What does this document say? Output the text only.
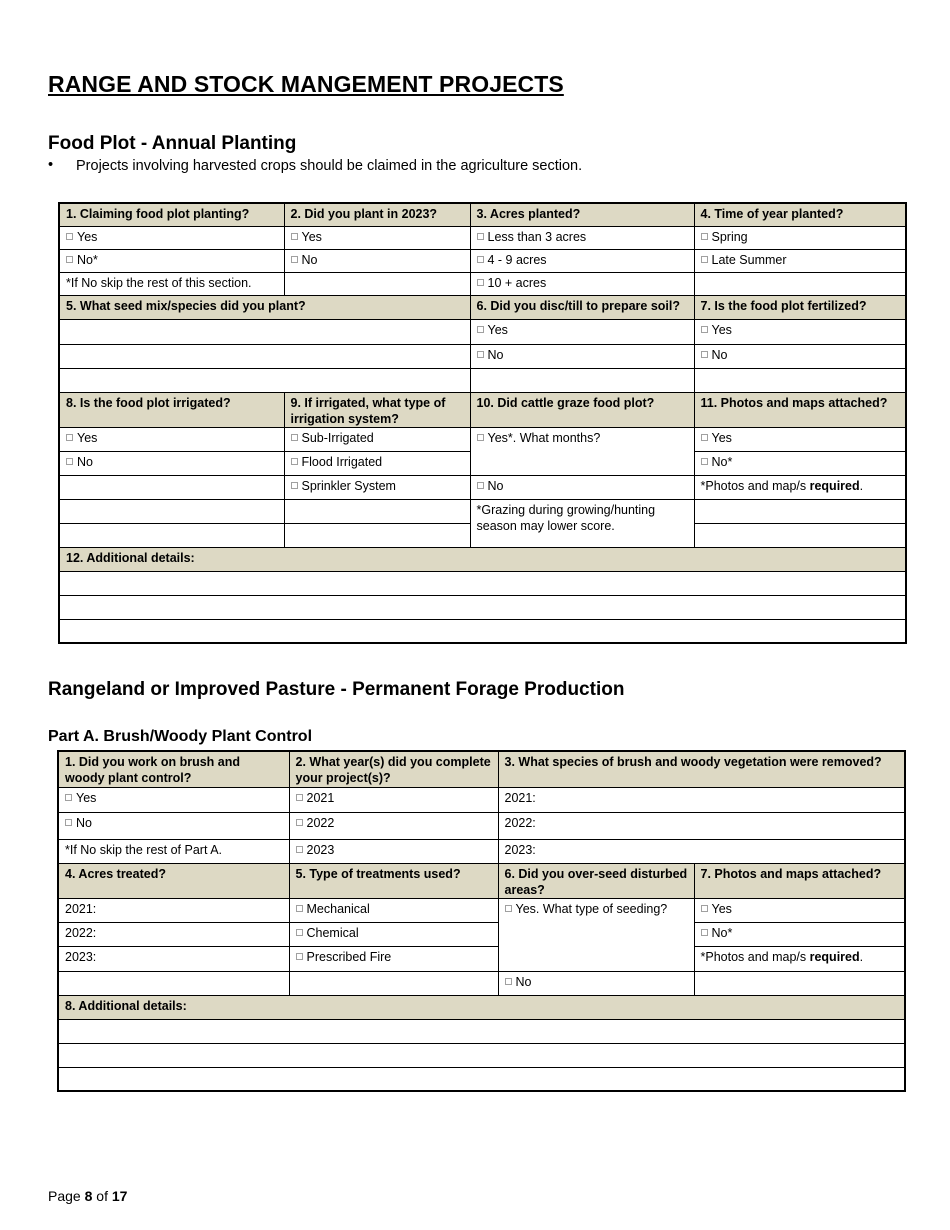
RANGE AND STOCK MANGEMENT PROJECTS
Food Plot - Annual Planting
• Projects involving harvested crops should be claimed in the agriculture section.
1. Claiming food plot planting?	2. Did you plant in 2023?	3. Acres planted?	4. Time of year planted?
Yes	Yes	Less than 3 acres	Spring
No*	No	4 - 9 acres	Late Summer
*If No skip the rest of this section.		10 + acres	
5. What seed mix/species did you plant?		6. Did you disc/till to prepare soil?	7. Is the food plot fertilized?
		Yes	Yes
		No	No

8. Is the food plot irrigated?	9. If irrigated, what type of irrigation system?	10. Did cattle graze food plot?	11. Photos and maps attached?
Yes	Sub-Irrigated	Yes*. What months?	Yes
No	Flood Irrigated		No*
	Sprinkler System	No	*Photos and map/s required.
		*Grazing during growing/hunting season may lower score.	

12. Additional details:			

Rangeland or Improved Pasture - Permanent Forage Production
Part A. Brush/Woody Plant Control
1. Did you work on brush and woody plant control?	2. What year(s) did you complete your project(s)?	3. What species of brush and woody vegetation were removed?	
Yes	2021	2021:	
No	2022	2022:	
*If No skip the rest of Part A.	2023	2023:	
4. Acres treated?	5. Type of treatments used?	6. Did you over-seed disturbed areas?	7. Photos and maps attached?
2021:	Mechanical	Yes. What type of seeding?	Yes
2022:	Chemical		No*
2023:	Prescribed Fire		*Photos and map/s required.
		No	
8. Additional details:			

Page 8 of 17
